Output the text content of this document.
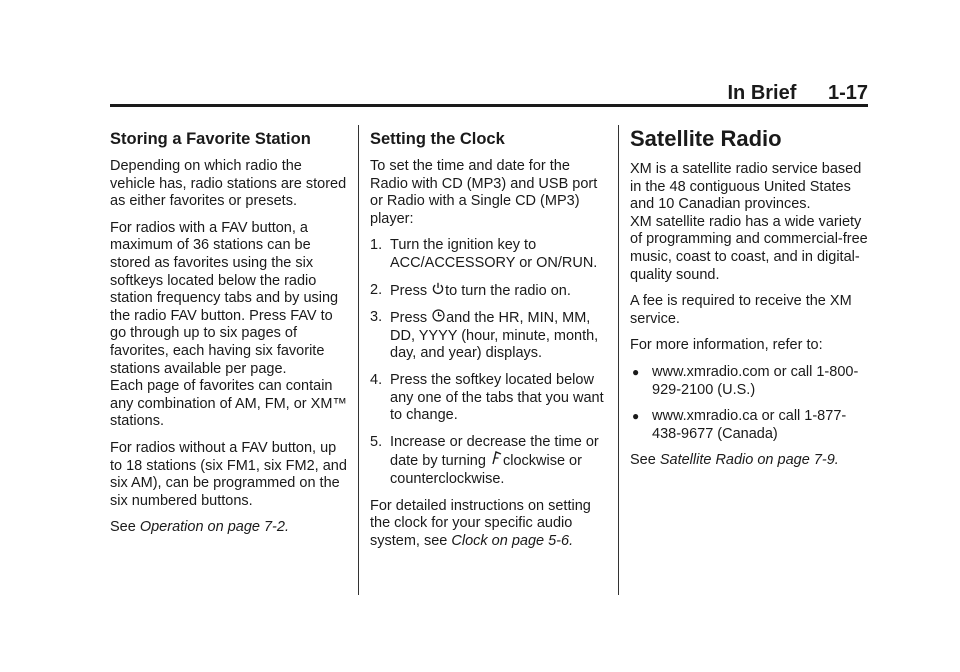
In Brief 1-17
Storing a Favorite Station

Depending on which radio the vehicle has, radio stations are stored as either favorites or presets.

For radios with a FAV button, a maximum of 36 stations can be stored as favorites using the six softkeys located below the radio station frequency tabs and by using the radio FAV button. Press FAV to go through up to six pages of favorites, each having six favorite stations available per page.

Each page of favorites can contain any combination of AM, FM, or XM™ stations.

For radios without a FAV button, up to 18 stations (six FM1, six FM2, and six AM), can be programmed on the six numbered buttons.

See Operation on page 7-2.

Setting the Clock

To set the time and date for the Radio with CD (MP3) and USB port or Radio with a Single CD (MP3) player:

1. Turn the ignition key to ACC/ACCESSORY or ON/RUN.
2. Press to turn the radio on.
3. Press and the HR, MIN, MM, DD, YYYY (hour, minute, month, day, and year) displays.
4. Press the softkey located below any one of the tabs that you want to change.
5. Increase or decrease the time or date by turning clockwise or counterclockwise.

For detailed instructions on setting the clock for your specific audio system, see Clock on page 5-6.

Satellite Radio

XM is a satellite radio service based in the 48 contiguous United States and 10 Canadian provinces.

XM satellite radio has a wide variety of programming and commercial-free music, coast to coast, and in digital-quality sound.

A fee is required to receive the XM service.

For more information, refer to:

● www.xmradio.com or call 1-800-929-2100 (U.S.)
● www.xmradio.ca or call 1-877-438-9677 (Canada)

See Satellite Radio on page 7-9.
